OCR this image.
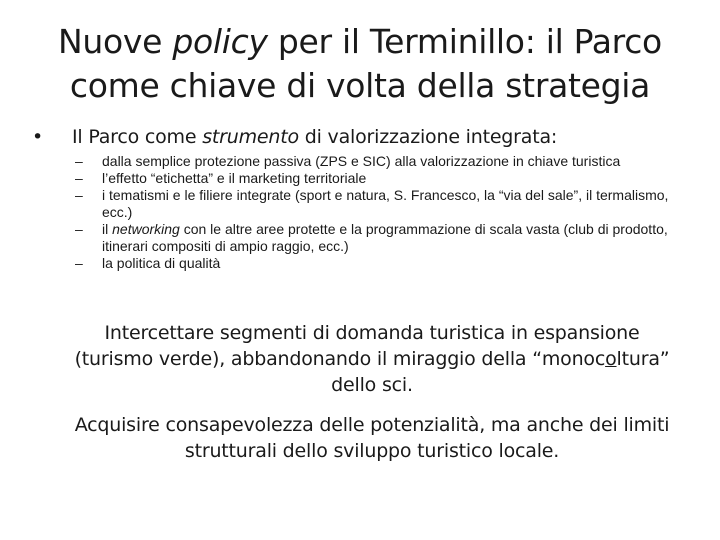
Nuove policy per il Terminillo: il Parco
come chiave di volta della strategia
• Il Parco come strumento di valorizzazione integrata:
– dalla semplice protezione passiva (ZPS e SIC) alla valorizzazione in chiave turistica
– l’effetto “etichetta” e il marketing territoriale
– i tematismi e le filiere integrate (sport e natura, S. Francesco, la “via del sale”, il termalismo, ecc.)
– il networking con le altre aree protette e la programmazione di scala vasta (club di prodotto, itinerari compositi di ampio raggio, ecc.)
– la politica di qualità
Intercettare segmenti di domanda turistica in espansione (turismo verde), abbandonando il miraggio della “monocoltura” dello sci.
Acquisire consapevolezza delle potenzialità, ma anche dei limiti strutturali dello sviluppo turistico locale.
